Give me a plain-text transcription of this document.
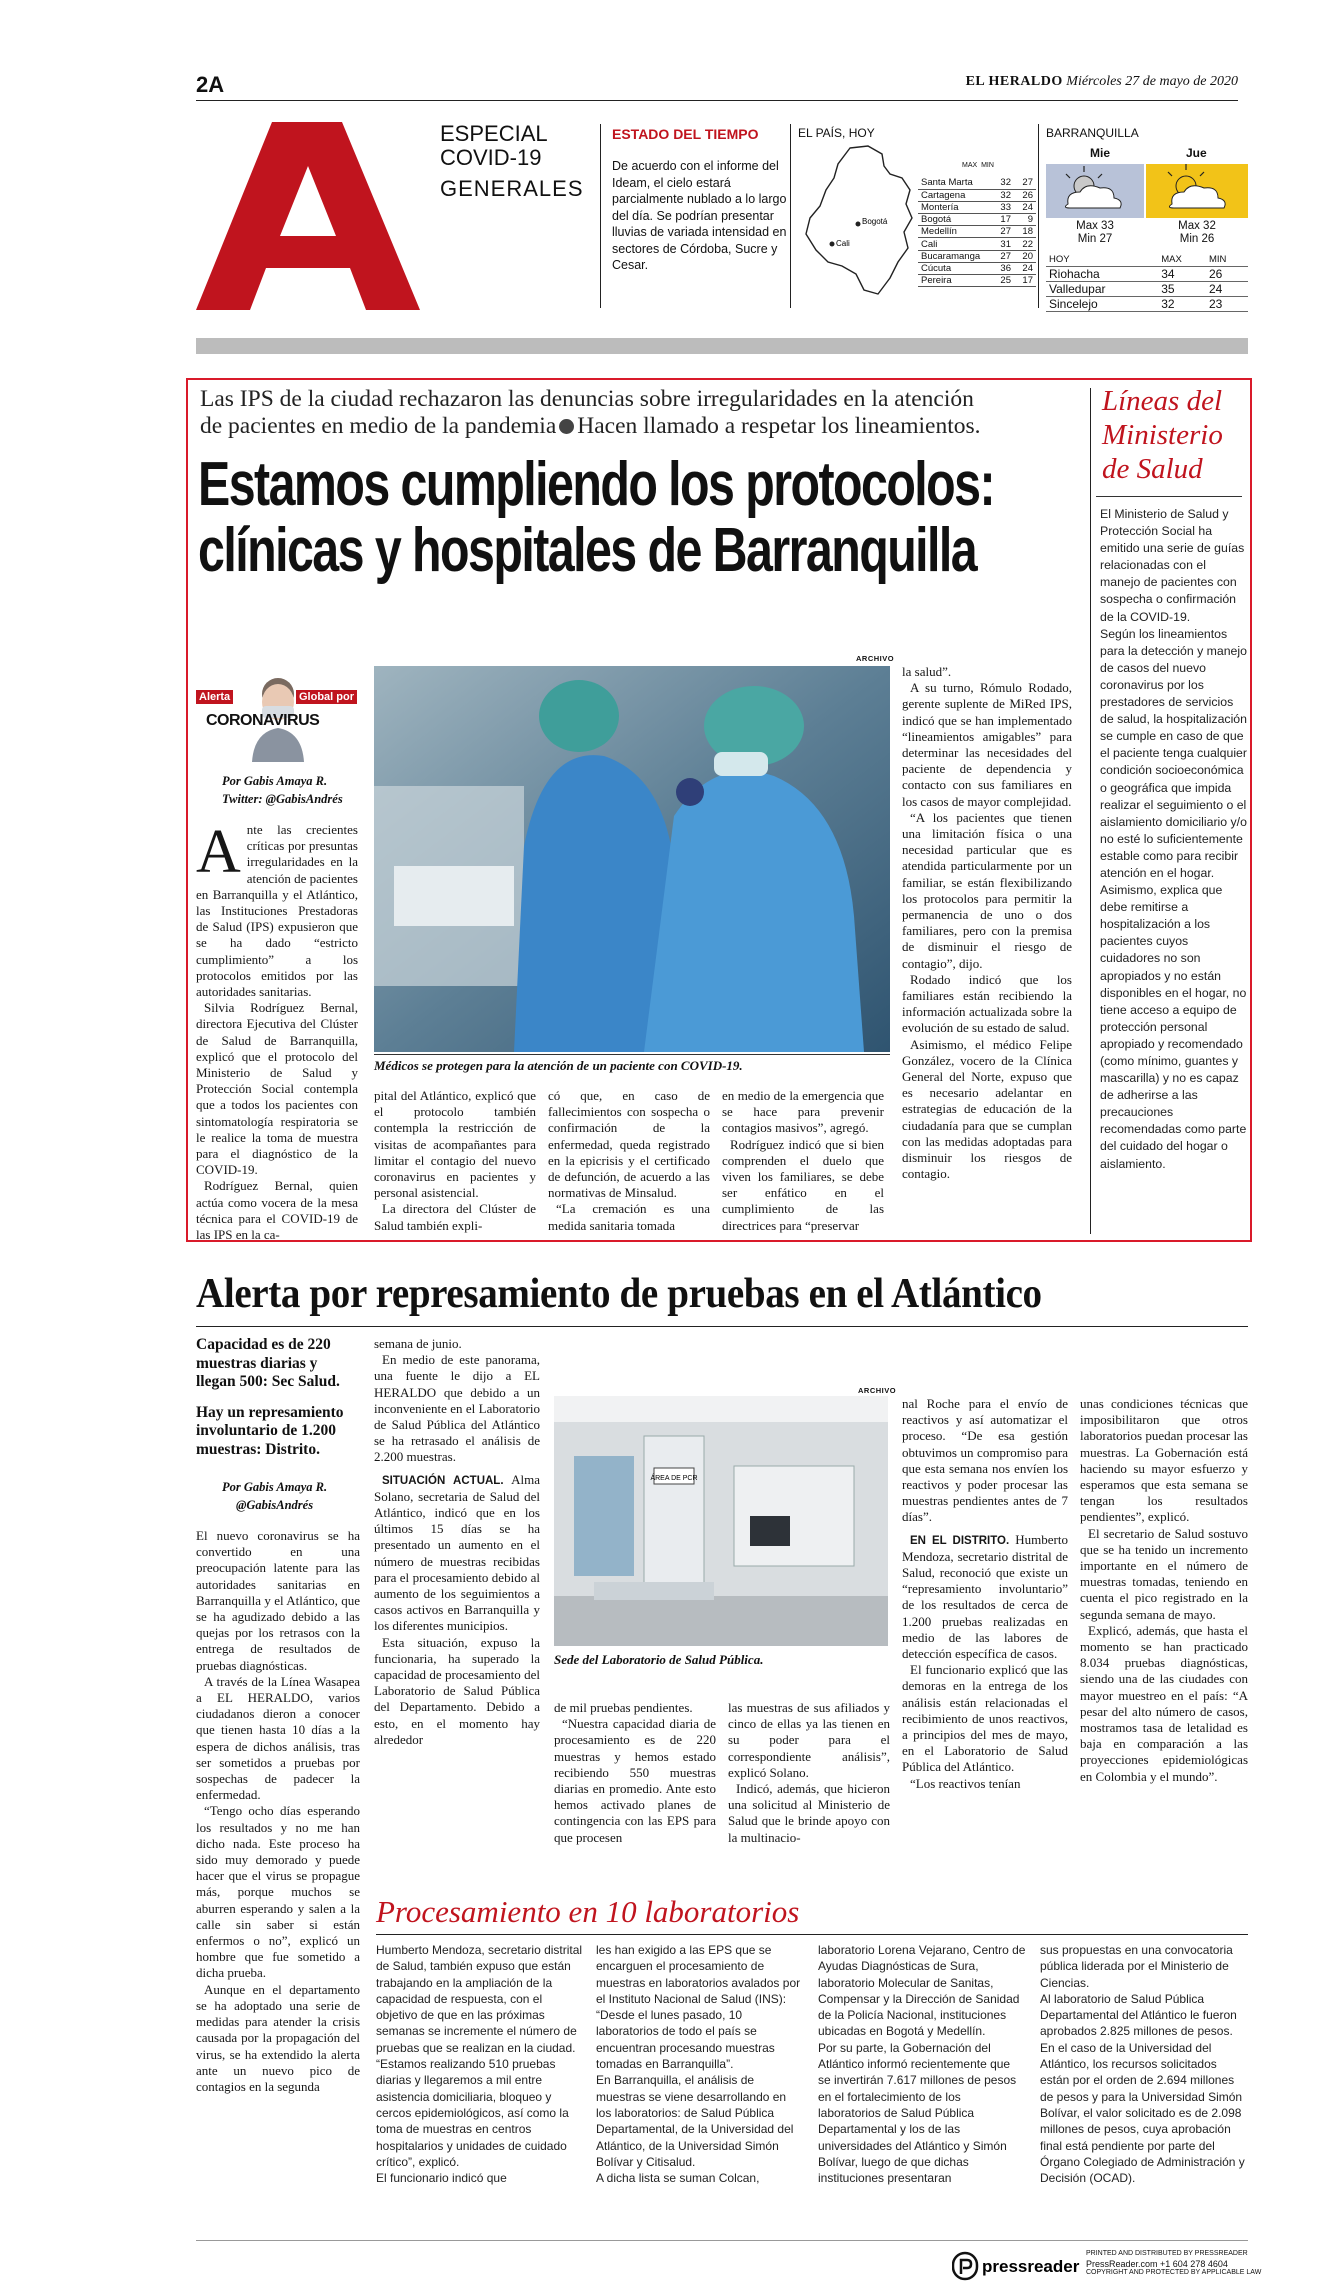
2A	EL HERALDO Miércoles 27 de mayo de 2020
ESPECIAL
COVID-19
GENERALES
ESTADO DEL TIEMPO
De acuerdo con el informe del Ideam, el cielo estará parcialmente nublado a lo largo del día. Se podrían presentar lluvias de variada intensidad en sectores de Córdoba, Sucre y Cesar.
EL PAÍS, HOY
Bogotá
Cali
MAX MIN
Santa Marta	32	27
Cartagena	32	26
Montería	33	24
Bogotá	17	9
Medellín	27	18
Cali	31	22
Bucaramanga	27	20
Cúcuta	36	24
Pereira	25	17
BARRANQUILLA
Mie	Jue
Max 33
Min 27
Max 32
Min 26
HOY	MAX	MIN
Riohacha	34	26
Valledupar	35	24
Sincelejo	32	23
Las IPS de la ciudad rechazaron las denuncias sobre irregularidades en la atención
de pacientes en medio de la pandemia Hacen llamado a respetar los lineamientos.
Estamos cumpliendo los protocolos:
clínicas y hospitales de Barranquilla
Líneas del Ministerio de Salud

El Ministerio de Salud y Protección Social ha emitido una serie de guías relacionadas con el manejo de pacientes con sospecha o confirmación de la COVID-19.

Según los lineamientos para la detección y manejo de casos del nuevo coronavirus por los prestadores de servicios de salud, la hospitalización se cumple en caso de que el paciente tenga cualquier condición socioeconómica o geográfica que impida realizar el seguimiento o el aislamiento domiciliario y/o no esté lo suficientemente estable como para recibir atención en el hogar.

Asimismo, explica que debe remitirse a hospitalización a los pacientes cuyos cuidadores no son apropiados y no están disponibles en el hogar, no tiene acceso a equipo de protección personal apropiado y recomendado (como mínimo, guantes y mascarilla) y no es capaz de adherirse a las precauciones recomendadas como parte del cuidado del hogar o aislamiento.

Alerta	Global por
CORONAVIRUS
Por Gabis Amaya R.
Twitter: @GabisAndrés
A nte las crecientes críticas por presuntas irregularidades en la atención de pacientes en Barranquilla y el Atlántico, las Instituciones Prestadoras de Salud (IPS) expusieron que se ha dado “estricto cumplimiento” a los protocolos emitidos por las autoridades sanitarias.

Silvia Rodríguez Bernal, directora Ejecutiva del Clúster de Salud de Barranquilla, explicó que el protocolo del Ministerio de Salud y Protección Social contempla que a todos los pacientes con sintomatología respiratoria se le realice la toma de muestra para el diagnóstico de la COVID-19.

Rodríguez Bernal, quien actúa como vocera de la mesa técnica para el COVID-19 de las IPS en la ca-

ARCHIVO
Médicos se protegen para la atención de un paciente con COVID-19.
pital del Atlántico, explicó que el protocolo también contempla la restricción de visitas de acompañantes para limitar el contagio del nuevo coronavirus en pacientes y personal asistencial.

La directora del Clúster de Salud también expli-

có que, en caso de fallecimientos con sospecha o confirmación de la enfermedad, queda registrado en la epicrisis y el certificado de defunción, de acuerdo a las normativas de Minsalud.

“La cremación es una medida sanitaria tomada

en medio de la emergencia que se hace para prevenir contagios masivos”, agregó.

Rodríguez indicó que si bien comprenden el duelo que viven los familiares, se debe ser enfático en el cumplimiento de las directrices para “preservar

la salud”.

A su turno, Rómulo Rodado, gerente suplente de MiRed IPS, indicó que se han implementado “lineamientos amigables” para determinar las necesidades del paciente de dependencia y contacto con sus familiares en los casos de mayor complejidad.

“A los pacientes que tienen una limitación física o una necesidad particular que es atendida particularmente por un familiar, se están flexibilizando los protocolos para permitir la permanencia de uno o dos familiares, pero con la premisa de disminuir el riesgo de contagio”, dijo.

Rodado indicó que los familiares están recibiendo la información actualizada sobre la evolución de su estado de salud.

Asimismo, el médico Felipe González, vocero de la Clínica General del Norte, expuso que es necesario adelantar en estrategias de educación de la ciudadanía para que se cumplan con las medidas adoptadas para disminuir los riesgos de contagio.

Alerta por represamiento de pruebas en el Atlántico

Capacidad es de 220 muestras diarias y llegan 500: Sec Salud.

Hay un represamiento involuntario de 1.200 muestras: Distrito.

Por Gabis Amaya R.
@GabisAndrés
El nuevo coronavirus se ha convertido en una preocupación latente para las autoridades sanitarias en Barranquilla y el Atlántico, que se ha agudizado debido a las quejas por los retrasos con la entrega de resultados de pruebas diagnósticas.

A través de la Línea Wasapea a EL HERALDO, varios ciudadanos dieron a conocer que tienen hasta 10 días a la espera de dichos análisis, tras ser sometidos a pruebas por sospechas de padecer la enfermedad.

“Tengo ocho días esperando los resultados y no me han dicho nada. Este proceso ha sido muy demorado y puede hacer que el virus se propague más, porque muchos se aburren esperando y salen a la calle sin saber si están enfermos o no”, explicó un hombre que fue sometido a dicha prueba.

Aunque en el departamento se ha adoptado una serie de medidas para atender la crisis causada por la propagación del virus, se ha extendido la alerta ante un nuevo pico de contagios en la segunda

semana de junio.

En medio de este panorama, una fuente le dijo a EL HERALDO que debido a un inconveniente en el Laboratorio de Salud Pública del Atlántico se ha retrasado el análisis de 2.200 muestras.

SITUACIÓN ACTUAL. Alma Solano, secretaria de Salud del Atlántico, indicó que en los últimos 15 días se ha presentado un aumento en el número de muestras recibidas para el procesamiento debido al aumento de los seguimientos a casos activos en Barranquilla y los diferentes municipios.

Esta situación, expuso la funcionaria, ha superado la capacidad de procesamiento del Laboratorio de Salud Pública del Departamento. Debido a esto, en el momento hay alrededor

ARCHIVO
ÁREA DE PCR
Sede del Laboratorio de Salud Pública.
de mil pruebas pendientes.

“Nuestra capacidad diaria de procesamiento es de 220 muestras y hemos estado recibiendo 550 muestras diarias en promedio. Ante esto hemos activado planes de contingencia con las EPS para que procesen

las muestras de sus afiliados y cinco de ellas ya las tienen en su poder para el correspondiente análisis”, explicó Solano.

Indicó, además, que hicieron una solicitud al Ministerio de Salud que le brinde apoyo con la multinacio-

nal Roche para el envío de reactivos y así automatizar el proceso. “De esa gestión obtuvimos un compromiso para que esta semana nos envíen los reactivos y poder procesar las muestras pendientes antes de 7 días”.

EN EL DISTRITO. Humberto Mendoza, secretario distrital de Salud, reconoció que existe un “represamiento involuntario” de los resultados de cerca de 1.200 pruebas realizadas en medio de las labores de detección específica de casos.

El funcionario explicó que las demoras en la entrega de los análisis están relacionadas el recibimiento de unos reactivos, a principios del mes de mayo, en el Laboratorio de Salud Pública del Atlántico.

“Los reactivos tenían

unas condiciones técnicas que imposibilitaron que otros laboratorios puedan procesar las muestras. La Gobernación está haciendo su mayor esfuerzo y esperamos que esta semana se tengan los resultados pendientes”, explicó.

El secretario de Salud sostuvo que se ha tenido un incremento importante en el número de muestras tomadas, teniendo en cuenta el pico registrado en la segunda semana de mayo.

Explicó, además, que hasta el momento se han practicado 8.034 pruebas diagnósticas, siendo una de las ciudades con mayor muestreo en el país: “A pesar del alto número de casos, mostramos tasa de letalidad es baja en comparación a las proyecciones epidemiológicas en Colombia y el mundo”.

Procesamiento en 10 laboratorios
Humberto Mendoza, secretario distrital de Salud, también expuso que están trabajando en la ampliación de la capacidad de respuesta, con el objetivo de que en las próximas semanas se incremente el número de pruebas que se realizan en la ciudad. “Estamos realizando 510 pruebas diarias y llegaremos a mil entre asistencia domiciliaria, bloqueo y cercos epidemiológicos, así como la toma de muestras en centros hospitalarios y unidades de cuidado crítico”, explicó.

El funcionario indicó que

les han exigido a las EPS que se encarguen el procesamiento de muestras en laboratorios avalados por el Instituto Nacional de Salud (INS): “Desde el lunes pasado, 10 laboratorios de todo el país se encuentran procesando muestras tomadas en Barranquilla”.

En Barranquilla, el análisis de muestras se viene desarrollando en los laboratorios: de Salud Pública Departamental, de la Universidad del Atlántico, de la Universidad Simón Bolívar y Citisalud.

A dicha lista se suman Colcan,

laboratorio Lorena Vejarano, Centro de Ayudas Diagnósticas de Sura, laboratorio Molecular de Sanitas, Compensar y la Dirección de Sanidad de la Policía Nacional, instituciones ubicadas en Bogotá y Medellín.

Por su parte, la Gobernación del Atlántico informó recientemente que se invertirán 7.617 millones de pesos en el fortalecimiento de los laboratorios de Salud Pública Departamental y los de las universidades del Atlántico y Simón Bolívar, luego de que dichas instituciones presentaran

sus propuestas en una convocatoria pública liderada por el Ministerio de Ciencias.

Al laboratorio de Salud Pública Departamental del Atlántico le fueron aprobados 2.825 millones de pesos. En el caso de la Universidad del Atlántico, los recursos solicitados están por el orden de 2.694 millones de pesos y para la Universidad Simón Bolívar, el valor solicitado es de 2.098 millones de pesos, cuya aprobación final está pendiente por parte del Órgano Colegiado de Administración y Decisión (OCAD).

pressreader
PRINTED AND DISTRIBUTED BY PRESSREADER
PressReader.com +1 604 278 4604
COPYRIGHT AND PROTECTED BY APPLICABLE LAW
